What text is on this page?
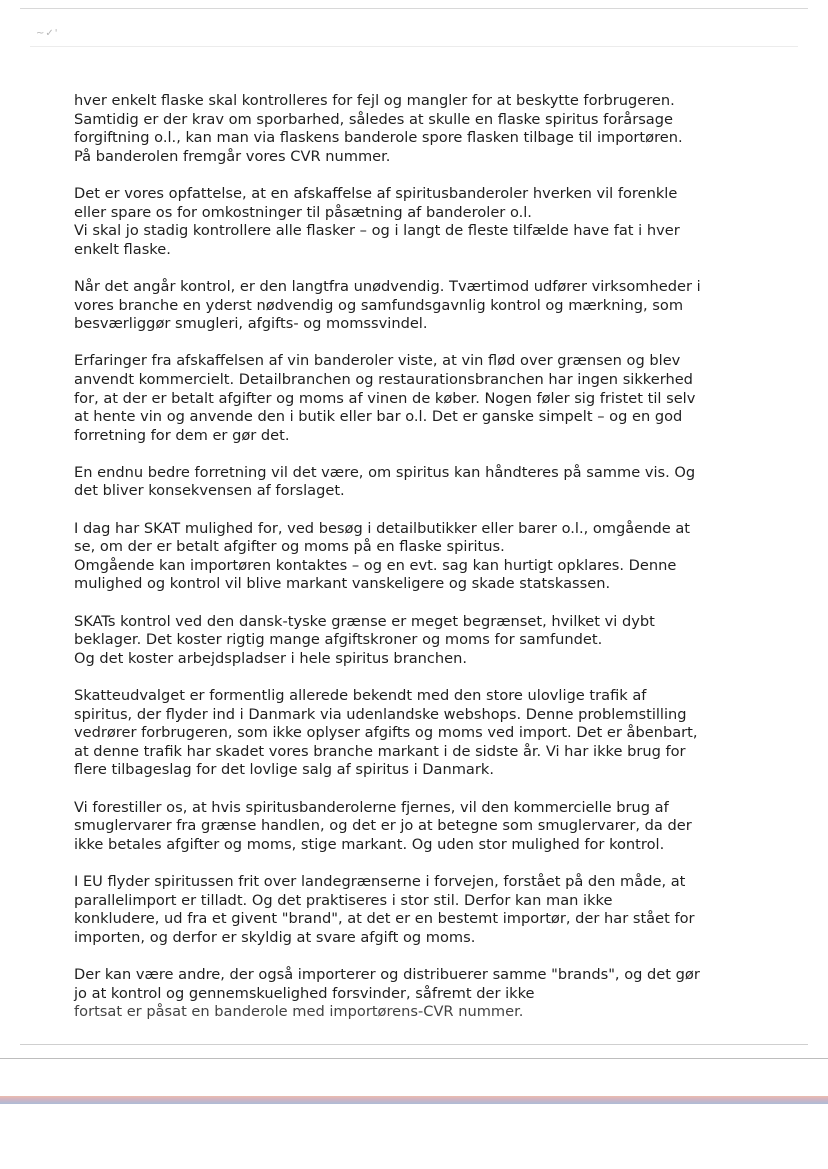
~✓'
hver enkelt flaske skal kontrolleres for fejl og mangler for at beskytte forbrugeren.
Samtidig er der krav om sporbarhed, således at skulle en flaske spiritus forårsage
forgiftning o.l., kan man via flaskens banderole spore flasken tilbage til importøren.
På banderolen fremgår vores CVR nummer.
Det er vores opfattelse, at en afskaffelse af spiritusbanderoler hverken vil forenkle
eller spare os for omkostninger til påsætning af banderoler o.l.
Vi skal jo stadig kontrollere alle flasker – og i langt de fleste tilfælde have fat i hver
enkelt flaske.
Når det angår kontrol, er den langtfra unødvendig. Tværtimod udfører virksomheder i
vores branche en yderst nødvendig og samfundsgavnlig kontrol og mærkning, som
besværliggør smugleri, afgifts- og momssvindel.
Erfaringer fra afskaffelsen af vin banderoler viste, at vin flød over grænsen og blev
anvendt kommercielt. Detailbranchen og restaurationsbranchen har ingen sikkerhed
for, at der er betalt afgifter og moms af vinen de køber. Nogen føler sig fristet til selv
at hente vin og anvende den i butik eller bar o.l. Det er ganske simpelt – og en god
forretning for dem er gør det.
En endnu bedre forretning vil det være, om spiritus kan håndteres på samme vis. Og
det bliver konsekvensen af forslaget.
I dag har SKAT mulighed for, ved besøg i detailbutikker eller barer o.l., omgående at
se, om der er betalt afgifter og moms på en flaske spiritus.
Omgående kan importøren kontaktes – og en evt. sag kan hurtigt opklares. Denne
mulighed og kontrol vil blive markant vanskeligere og skade statskassen.
SKATs kontrol ved den dansk-tyske grænse er meget begrænset, hvilket vi dybt
beklager. Det koster rigtig mange afgiftskroner og moms for samfundet.
Og det koster arbejdspladser i hele spiritus branchen.
Skatteudvalget er formentlig allerede bekendt med den store ulovlige trafik af
spiritus, der flyder ind i Danmark via udenlandske webshops. Denne problemstilling
vedrører forbrugeren, som ikke oplyser afgifts og moms ved import. Det er åbenbart,
at denne trafik har skadet vores branche markant i de sidste år. Vi har ikke brug for
flere tilbageslag for det lovlige salg af spiritus i Danmark.
Vi forestiller os, at hvis spiritusbanderolerne fjernes, vil den kommercielle brug af
smuglervarer fra grænse handlen, og det er jo at betegne som smuglervarer, da der
ikke betales afgifter og moms, stige markant. Og uden stor mulighed for kontrol.
I EU flyder spiritussen frit over landegrænserne i forvejen, forstået på den måde, at
parallelimport er tilladt. Og det praktiseres i stor stil. Derfor kan man ikke
konkludere, ud fra et givent "brand", at det er en bestemt importør, der har stået for
importen, og derfor er skyldig at svare afgift og moms.
Der kan være andre, der også importerer og distribuerer samme "brands", og det gør
jo at kontrol og gennemskuelighed forsvinder, såfremt der ikke
fortsat er påsat en banderole med importørens-CVR nummer.
